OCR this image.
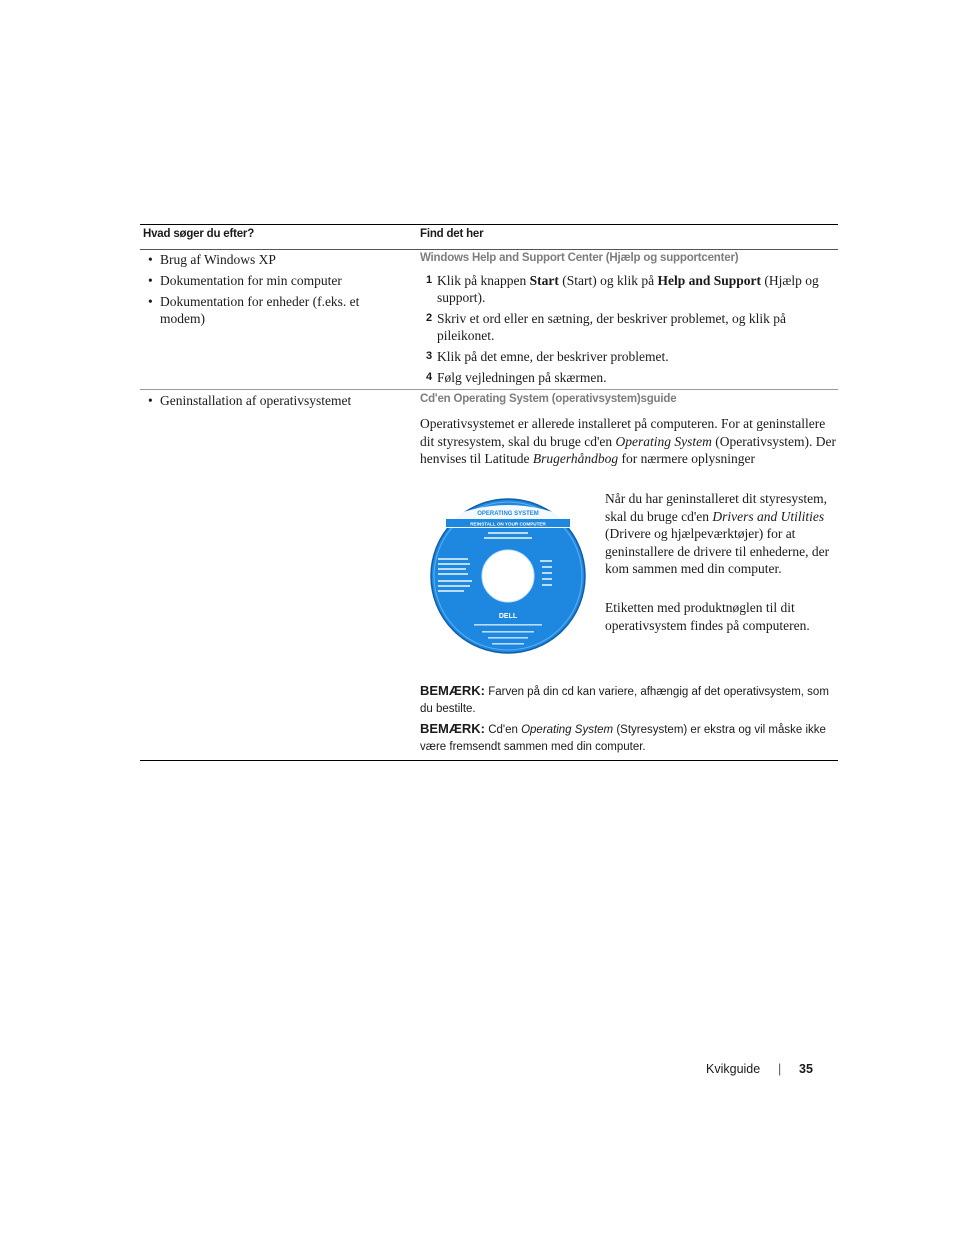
Hvad søger du efter?	Find det her
• Brug af Windows XP
• Dokumentation for min computer
• Dokumentation for enheder (f.eks. et modem)
Windows Help and Support Center (Hjælp og supportcenter)
1 Klik på knappen Start (Start) og klik på Help and Support (Hjælp og support).
2 Skriv et ord eller en sætning, der beskriver problemet, og klik på pileikonet.
3 Klik på det emne, der beskriver problemet.
4 Følg vejledningen på skærmen.
• Geninstallation af operativsystemet	Cd'en Operating System (operativsystem)sguide

Operativsystemet er allerede installeret på computeren. For at geninstallere dit styresystem, skal du bruge cd'en Operating System (Operativsystem). Der henvises til Latitude Brugerhåndbog for nærmere oplysninger

OPERATING SYSTEM
REINSTALL ON YOUR COMPUTER
DELL

Når du har geninstalleret dit styresystem, skal du bruge cd'en Drivers and Utilities (Drivere og hjælpeværktøjer) for at geninstallere de drivere til enhederne, der kom sammen med din computer.

Etiketten med produktnøglen til dit operativsystem findes på computeren.

BEMÆRK: Farven på din cd kan variere, afhængig af det operativsystem, som du bestilte.

BEMÆRK: Cd'en Operating System (Styresystem) er ekstra og vil måske ikke være fremsendt sammen med din computer.

Kvikguide | 35
